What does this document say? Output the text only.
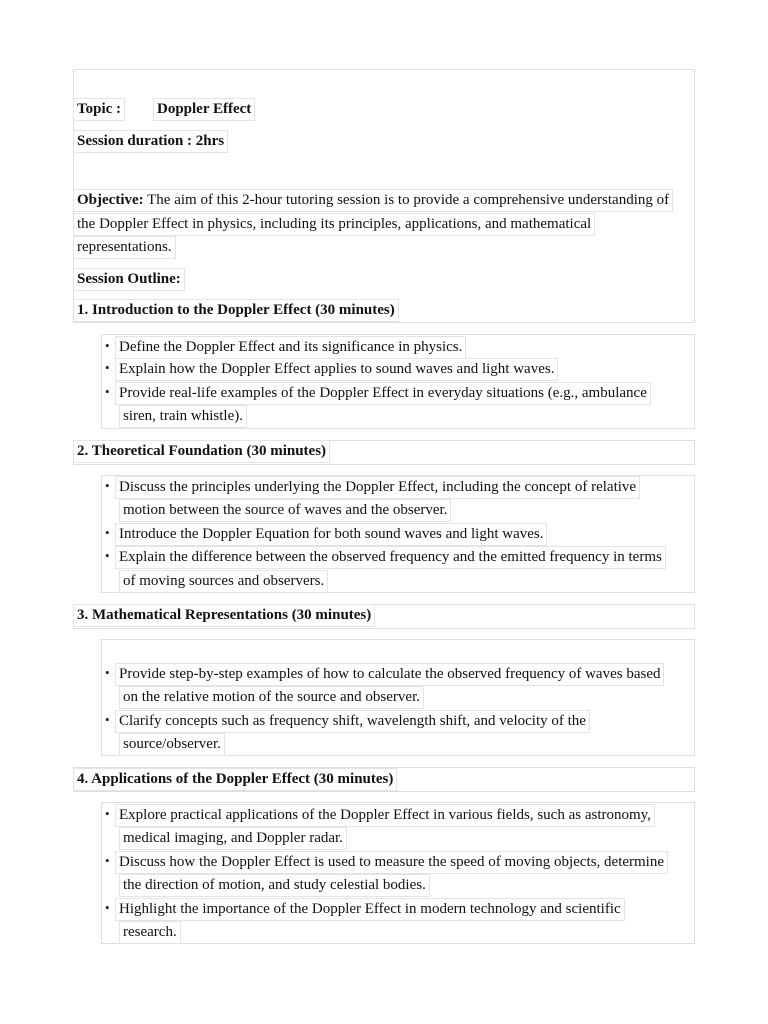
Topic : Doppler Effect
Session duration : 2hrs
Objective: The aim of this 2-hour tutoring session is to provide a comprehensive understanding of
the Doppler Effect in physics, including its principles, applications, and mathematical
representations.
Session Outline:
1. Introduction to the Doppler Effect (30 minutes)
• Define the Doppler Effect and its significance in physics.
• Explain how the Doppler Effect applies to sound waves and light waves.
• Provide real-life examples of the Doppler Effect in everyday situations (e.g., ambulance
siren, train whistle).
2. Theoretical Foundation (30 minutes)
• Discuss the principles underlying the Doppler Effect, including the concept of relative
motion between the source of waves and the observer.
• Introduce the Doppler Equation for both sound waves and light waves.
• Explain the difference between the observed frequency and the emitted frequency in terms
of moving sources and observers.
3. Mathematical Representations (30 minutes)
• Provide step-by-step examples of how to calculate the observed frequency of waves based
on the relative motion of the source and observer.
• Clarify concepts such as frequency shift, wavelength shift, and velocity of the
source/observer.
4. Applications of the Doppler Effect (30 minutes)
• Explore practical applications of the Doppler Effect in various fields, such as astronomy,
medical imaging, and Doppler radar.
• Discuss how the Doppler Effect is used to measure the speed of moving objects, determine
the direction of motion, and study celestial bodies.
• Highlight the importance of the Doppler Effect in modern technology and scientific
research.
